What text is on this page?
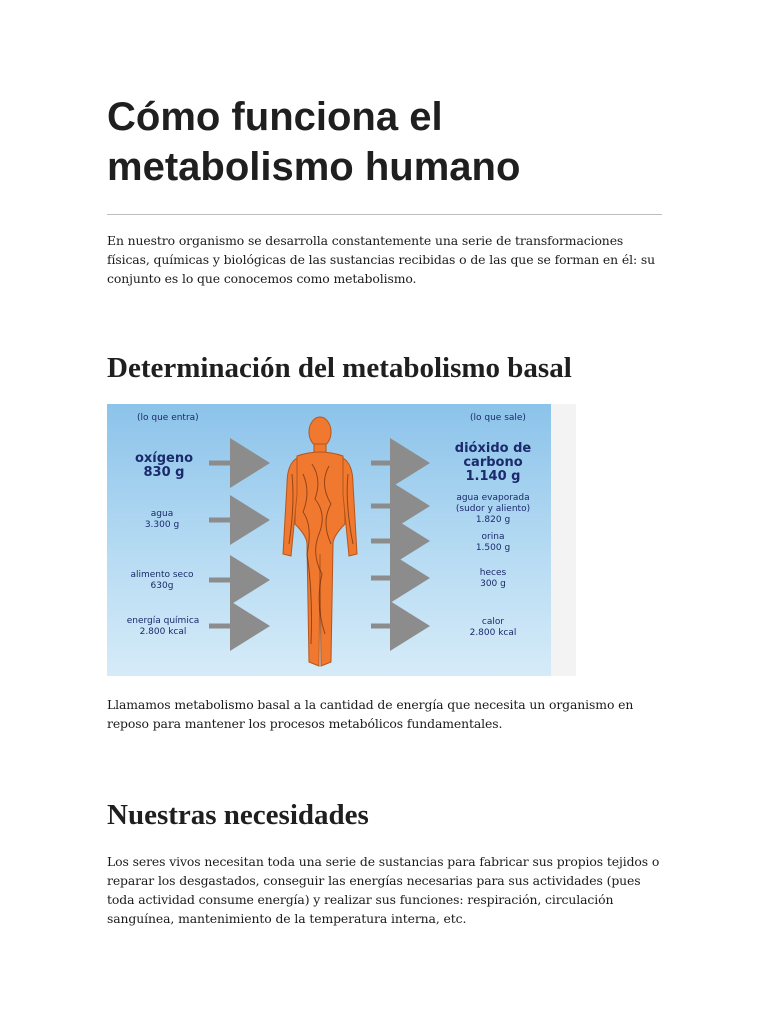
Cómo funciona el
metabolismo humano

En nuestro organismo se desarrolla constantemente una serie de transformaciones físicas, químicas y biológicas de las sustancias recibidas o de las que se forman en él: su conjunto es lo que conocemos como metabolismo.

Determinación del metabolismo basal
(lo que entra)	(lo que sale)
oxígeno
830 g
agua
3.300 g
alimento seco
630g
energía química
2.800 kcal
dióxido de
carbono
1.140 g
agua evaporada
(sudor y aliento)
1.820 g
orina
1.500 g
heces
300 g
calor
2.800 kcal

Llamamos metabolismo basal a la cantidad de energía que necesita un organismo en reposo para mantener los procesos metabólicos fundamentales.

Nuestras necesidades

Los seres vivos necesitan toda una serie de sustancias para fabricar sus propios tejidos o reparar los desgastados, conseguir las energías necesarias para sus actividades (pues toda actividad consume energía) y realizar sus funciones: respiración, circulación sanguínea, mantenimiento de la temperatura interna, etc.
